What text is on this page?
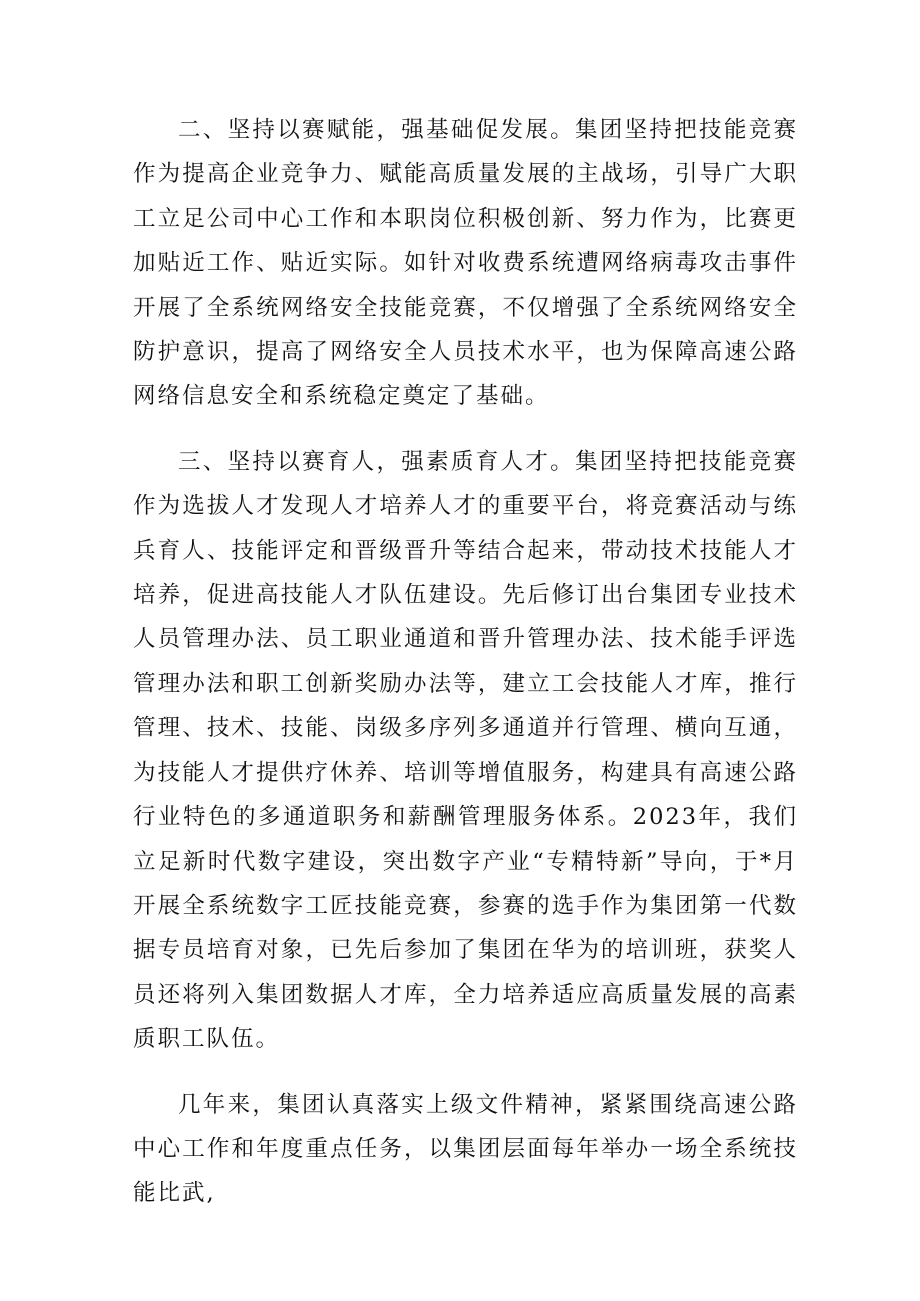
二、坚持以赛赋能，强基础促发展。集团坚持把技能竞赛作为提高企业竞争力、赋能高质量发展的主战场，引导广大职工立足公司中心工作和本职岗位积极创新、努力作为，比赛更加贴近工作、贴近实际。如针对收费系统遭网络病毒攻击事件开展了全系统网络安全技能竞赛，不仅增强了全系统网络安全防护意识，提高了网络安全人员技术水平，也为保障高速公路网络信息安全和系统稳定奠定了基础。

三、坚持以赛育人，强素质育人才。集团坚持把技能竞赛作为选拔人才发现人才培养人才的重要平台，将竞赛活动与练兵育人、技能评定和晋级晋升等结合起来，带动技术技能人才培养，促进高技能人才队伍建设。先后修订出台集团专业技术人员管理办法、员工职业通道和晋升管理办法、技术能手评选管理办法和职工创新奖励办法等，建立工会技能人才库，推行管理、技术、技能、岗级多序列多通道并行管理、横向互通，为技能人才提供疗休养、培训等增值服务，构建具有高速公路行业特色的多通道职务和薪酬管理服务体系。2023年，我们立足新时代数字建设，突出数字产业“专精特新”导向，于*月开展全系统数字工匠技能竞赛，参赛的选手作为集团第一代数据专员培育对象，已先后参加了集团在华为的培训班，获奖人员还将列入集团数据人才库，全力培养适应高质量发展的高素质职工队伍。

几年来，集团认真落实上级文件精神，紧紧围绕高速公路中心工作和年度重点任务，以集团层面每年举办一场全系统技能比武,
